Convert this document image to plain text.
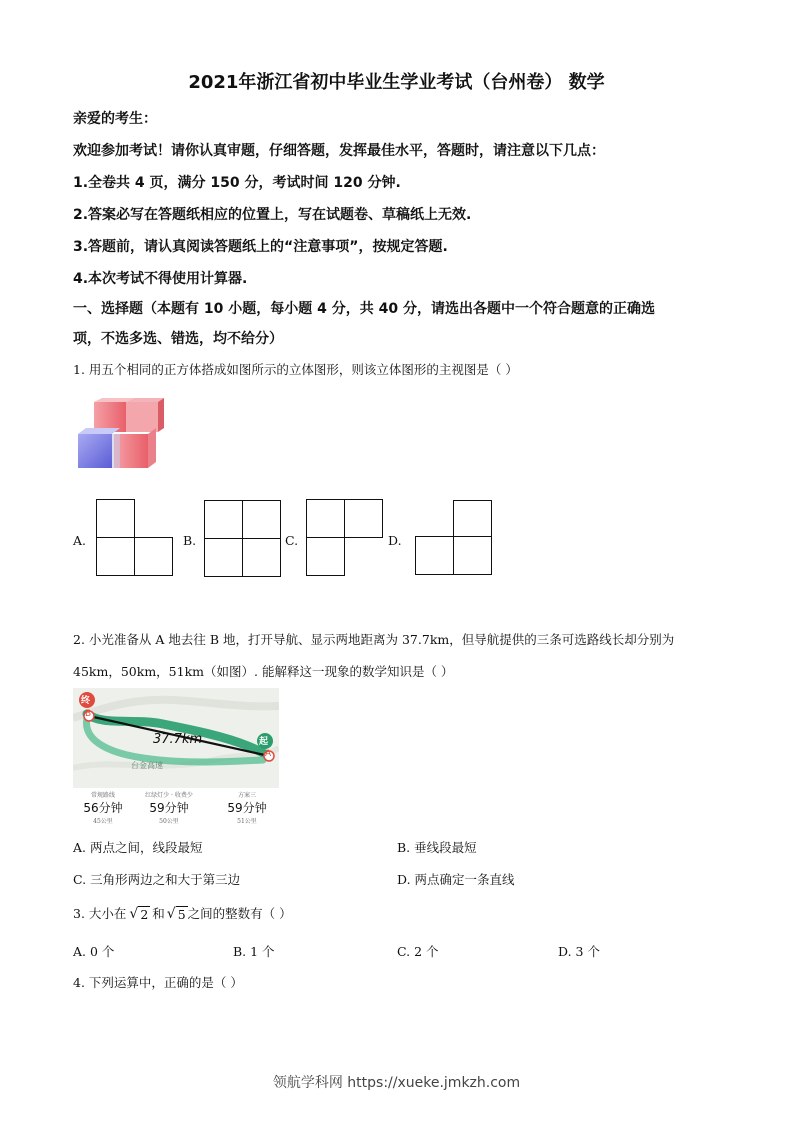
2021年浙江省初中毕业生学业考试（台州卷） 数学
亲爱的考生：
欢迎参加考试！请你认真审题，仔细答题，发挥最佳水平，答题时，请注意以下几点：
1.全卷共 4 页，满分 150 分，考试时间 120 分钟.
2.答案必写在答题纸相应的位置上，写在试题卷、草稿纸上无效.
3.答题前，请认真阅读答题纸上的“注意事项”，按规定答题.
4.本次考试不得使用计算器.
一、选择题（本题有 10 小题，每小题 4 分，共 40 分，请选出各题中一个符合题意的正确选
项，不选多选、错选，均不给分）
1. 用五个相同的正方体搭成如图所示的立体图形，则该立体图形的主视图是（ ）
A.	B.	C.	D.
2. 小光准备从 A 地去往 B 地，打开导航、显示两地距离为 37.7km，但导航提供的三条可选路线长却分别为
45km，50km，51km（如图）. 能解释这一现象的数学知识是（ ）
终
起
B
A
37.7km
台金高速
常规路线
56分钟
45公里
红绿灯少 · 收费少
59分钟
50公里
方案三
59分钟
51公里
A. 两点之间，线段最短	B. 垂线段最短
C. 三角形两边之和大于第三边	D. 两点确定一条直线
3. 大小在 √ 2 和 √ 5 之间的整数有（ ）
A. 0 个	B. 1 个	C. 2 个	D. 3 个
4. 下列运算中，正确的是（ ）
领航学科网 https://xueke.jmkzh.com
